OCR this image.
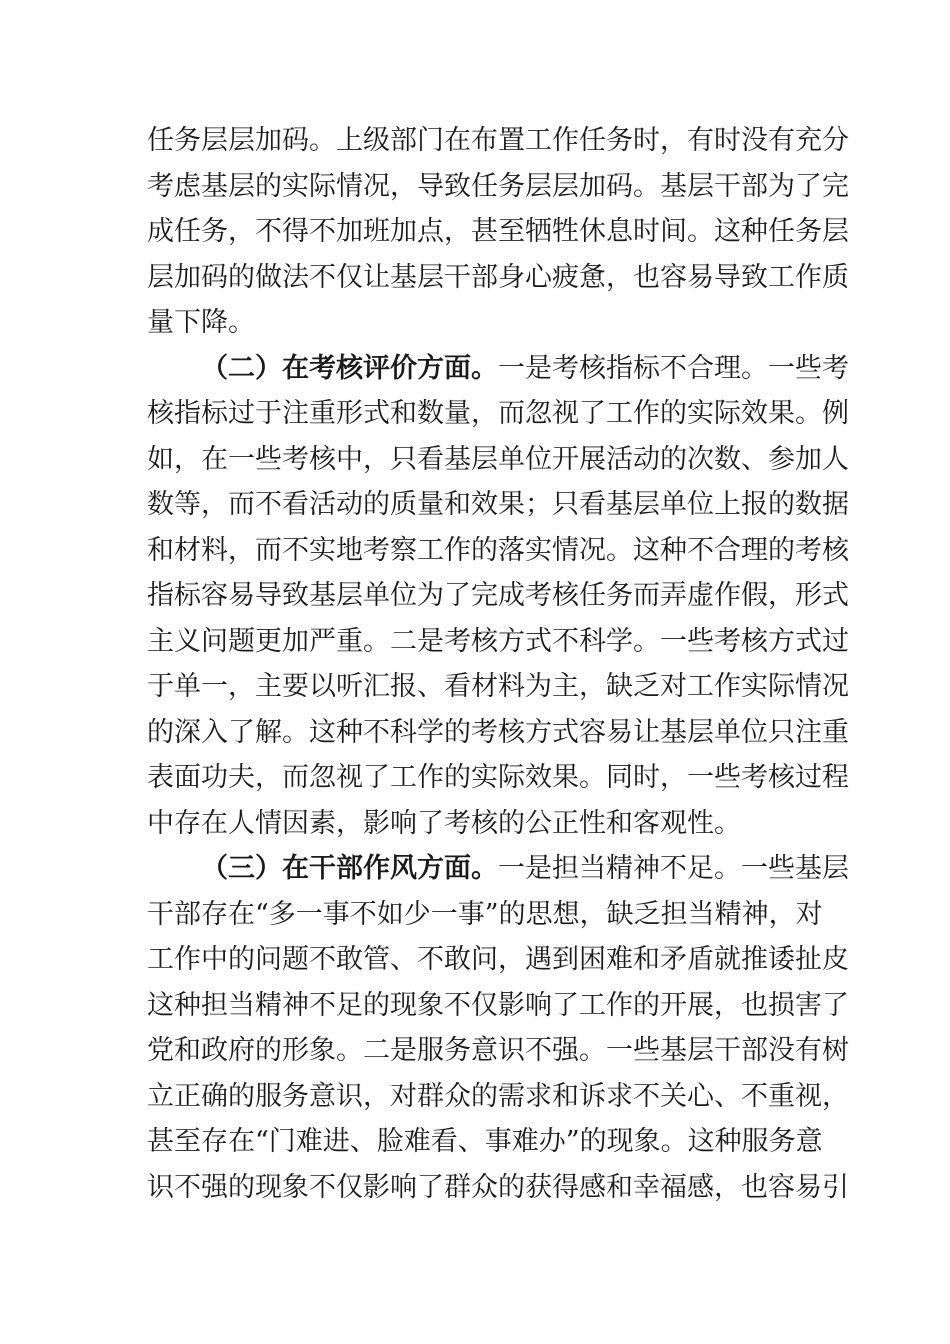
任务层层加码。上级部门在布置工作任务时，有时没有充分
考虑基层的实际情况，导致任务层层加码。基层干部为了完
成任务，不得不加班加点，甚至牺牲休息时间。这种任务层
层加码的做法不仅让基层干部身心疲惫，也容易导致工作质
量下降。
（二）在考核评价方面。一是考核指标不合理。一些考
核指标过于注重形式和数量，而忽视了工作的实际效果。例
如，在一些考核中，只看基层单位开展活动的次数、参加人
数等，而不看活动的质量和效果；只看基层单位上报的数据
和材料，而不实地考察工作的落实情况。这种不合理的考核
指标容易导致基层单位为了完成考核任务而弄虚作假，形式
主义问题更加严重。二是考核方式不科学。一些考核方式过
于单一，主要以听汇报、看材料为主，缺乏对工作实际情况
的深入了解。这种不科学的考核方式容易让基层单位只注重
表面功夫，而忽视了工作的实际效果。同时，一些考核过程
中存在人情因素，影响了考核的公正性和客观性。
（三）在干部作风方面。一是担当精神不足。一些基层
干部存在“多一事不如少一事”的思想，缺乏担当精神，对
工作中的问题不敢管、不敢问，遇到困难和矛盾就推诿扯皮
这种担当精神不足的现象不仅影响了工作的开展，也损害了
党和政府的形象。二是服务意识不强。一些基层干部没有树
立正确的服务意识，对群众的需求和诉求不关心、不重视，
甚至存在“门难进、脸难看、事难办”的现象。这种服务意
识不强的现象不仅影响了群众的获得感和幸福感，也容易引
